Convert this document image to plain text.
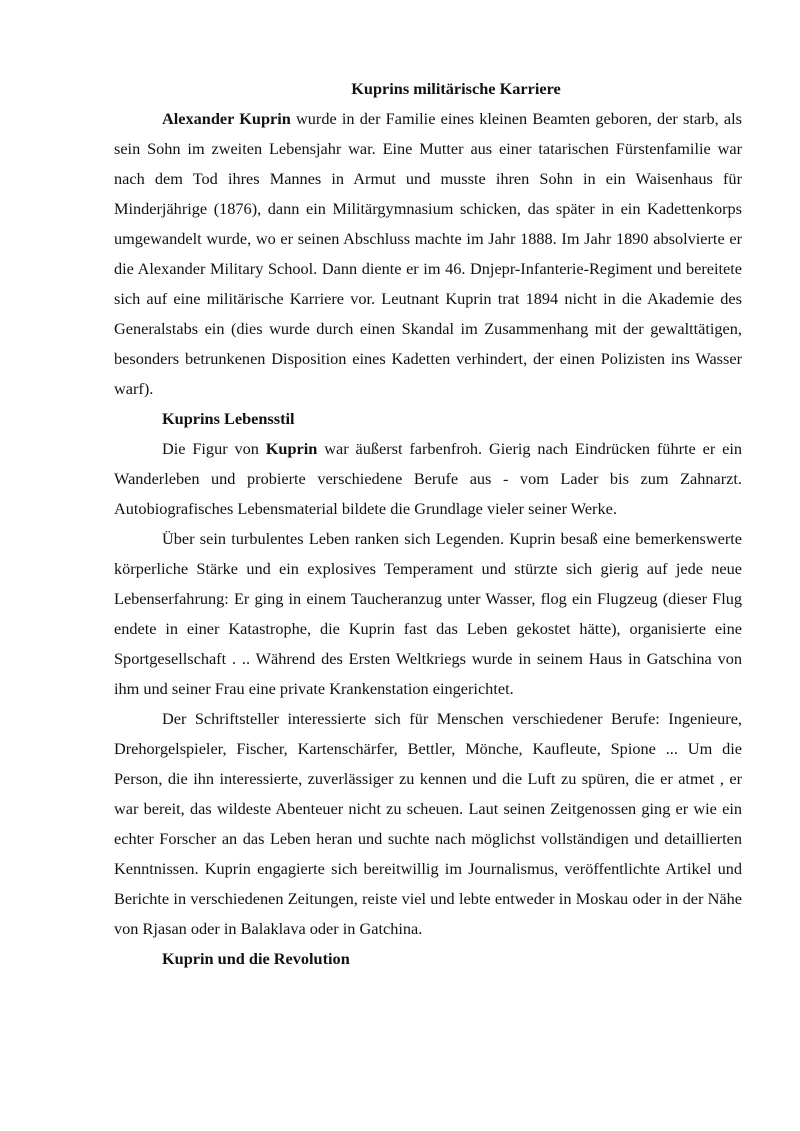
Kuprins militärische Karriere

Alexander Kuprin wurde in der Familie eines kleinen Beamten geboren, der starb, als sein Sohn im zweiten Lebensjahr war. Eine Mutter aus einer tatarischen Fürstenfamilie war nach dem Tod ihres Mannes in Armut und musste ihren Sohn in ein Waisenhaus für Minderjährige (1876), dann ein Militärgymnasium schicken, das später in ein Kadettenkorps umgewandelt wurde, wo er seinen Abschluss machte im Jahr 1888. Im Jahr 1890 absolvierte er die Alexander Military School. Dann diente er im 46. Dnjepr-Infanterie-Regiment und bereitete sich auf eine militärische Karriere vor. Leutnant Kuprin trat 1894 nicht in die Akademie des Generalstabs ein (dies wurde durch einen Skandal im Zusammenhang mit der gewalttätigen, besonders betrunkenen Disposition eines Kadetten verhindert, der einen Polizisten ins Wasser warf).

Kuprins Lebensstil

Die Figur von Kuprin war äußerst farbenfroh. Gierig nach Eindrücken führte er ein Wanderleben und probierte verschiedene Berufe aus - vom Lader bis zum Zahnarzt. Autobiografisches Lebensmaterial bildete die Grundlage vieler seiner Werke.

Über sein turbulentes Leben ranken sich Legenden. Kuprin besaß eine bemerkenswerte körperliche Stärke und ein explosives Temperament und stürzte sich gierig auf jede neue Lebenserfahrung: Er ging in einem Taucheranzug unter Wasser, flog ein Flugzeug (dieser Flug endete in einer Katastrophe, die Kuprin fast das Leben gekostet hätte), organisierte eine Sportgesellschaft . .. Während des Ersten Weltkriegs wurde in seinem Haus in Gatschina von ihm und seiner Frau eine private Krankenstation eingerichtet.

Der Schriftsteller interessierte sich für Menschen verschiedener Berufe: Ingenieure, Drehorgelspieler, Fischer, Kartenschärfer, Bettler, Mönche, Kaufleute, Spione ... Um die Person, die ihn interessierte, zuverlässiger zu kennen und die Luft zu spüren, die er atmet , er war bereit, das wildeste Abenteuer nicht zu scheuen. Laut seinen Zeitgenossen ging er wie ein echter Forscher an das Leben heran und suchte nach möglichst vollständigen und detaillierten Kenntnissen. Kuprin engagierte sich bereitwillig im Journalismus, veröffentlichte Artikel und Berichte in verschiedenen Zeitungen, reiste viel und lebte entweder in Moskau oder in der Nähe von Rjasan oder in Balaklava oder in Gatchina.

Kuprin und die Revolution
